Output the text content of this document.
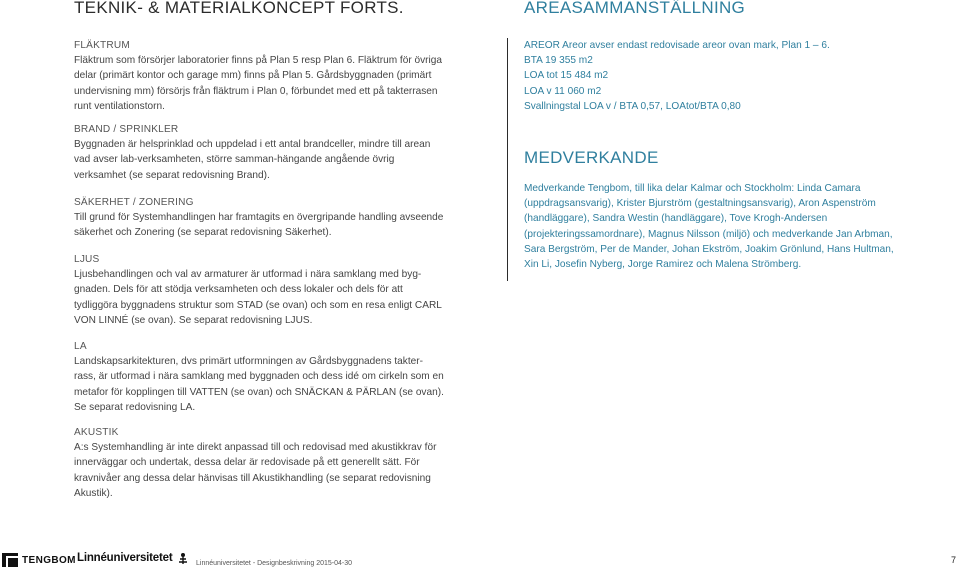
TEKNIK- & MATERIALKONCEPT FORTS.	AREASAMMANSTÄLLNING

FLÄKTRUM

Fläktrum som försörjer laboratorier finns på Plan 5 resp Plan 6. Fläktrum för övriga delar (primärt kontor och garage mm) finns på Plan 5. Gårdsbyggnaden (primärt undervisning mm) försörjs från fläktrum i Plan 0, förbundet med ett på takterrasen runt ventilationstorn.

BRAND / SPRINKLER

Byggnaden är helsprinklad och uppdelad i ett antal brandceller, mindre till arean vad avser lab-verksamheten, större samman-hängande angående övrig verksamhet (se separat redovisning Brand).

SÄKERHET / ZONERING

Till grund för Systemhandlingen har framtagits en övergripande handling avseende säkerhet och Zonering (se separat redovisning Säkerhet).

LJUS

Ljusbehandlingen och val av armaturer är utformad i nära samklang med byg-gnaden. Dels för att stödja verksamheten och dess lokaler och dels för att tydliggöra byggnadens struktur som STAD (se ovan) och som en resa enligt CARL VON LINNÉ (se ovan). Se separat redovisning LJUS.

LA

Landskapsarkitekturen, dvs primärt utformningen av Gårdsbyggnadens takter-rass, är utformad i nära samklang med byggnaden och dess idé om cirkeln som en metafor för kopplingen till VATTEN (se ovan) och SNÄCKAN & PÄRLAN (se ovan). Se separat redovisning LA.

AKUSTIK

A:s Systemhandling är inte direkt anpassad till och redovisad med akustikkrav för innerväggar och undertak, dessa delar är redovisade på ett generellt sätt. För kravnivåer ang dessa delar hänvisas till Akustikhandling (se separat redovisning Akustik).

AREOR Areor avser endast redovisade areor ovan mark, Plan 1 – 6.

BTA 19 355 m2

LOA tot 15 484 m2

LOA v 11 060 m2

Svallningstal LOA v / BTA 0,57, LOAtot/BTA 0,80

MEDVERKANDE

Medverkande Tengbom, till lika delar Kalmar och Stockholm: Linda Camara (uppdragsansvarig), Krister Bjurström (gestaltningsansvarig), Aron Aspenström (handläggare), Sandra Westin (handläggare), Tove Krogh-Andersen (projekteringssamordnare), Magnus Nilsson (miljö) och medverkande Jan Arbman, Sara Bergström, Per de Mander, Johan Ekström, Joakim Grönlund, Hans Hultman, Xin Li, Josefin Nyberg, Jorge Ramirez och Malena Strömberg.

TENGBOM Linnéuniversitetet	Linnéuniversitetet - Designbeskrivning 2015-04-30	7
